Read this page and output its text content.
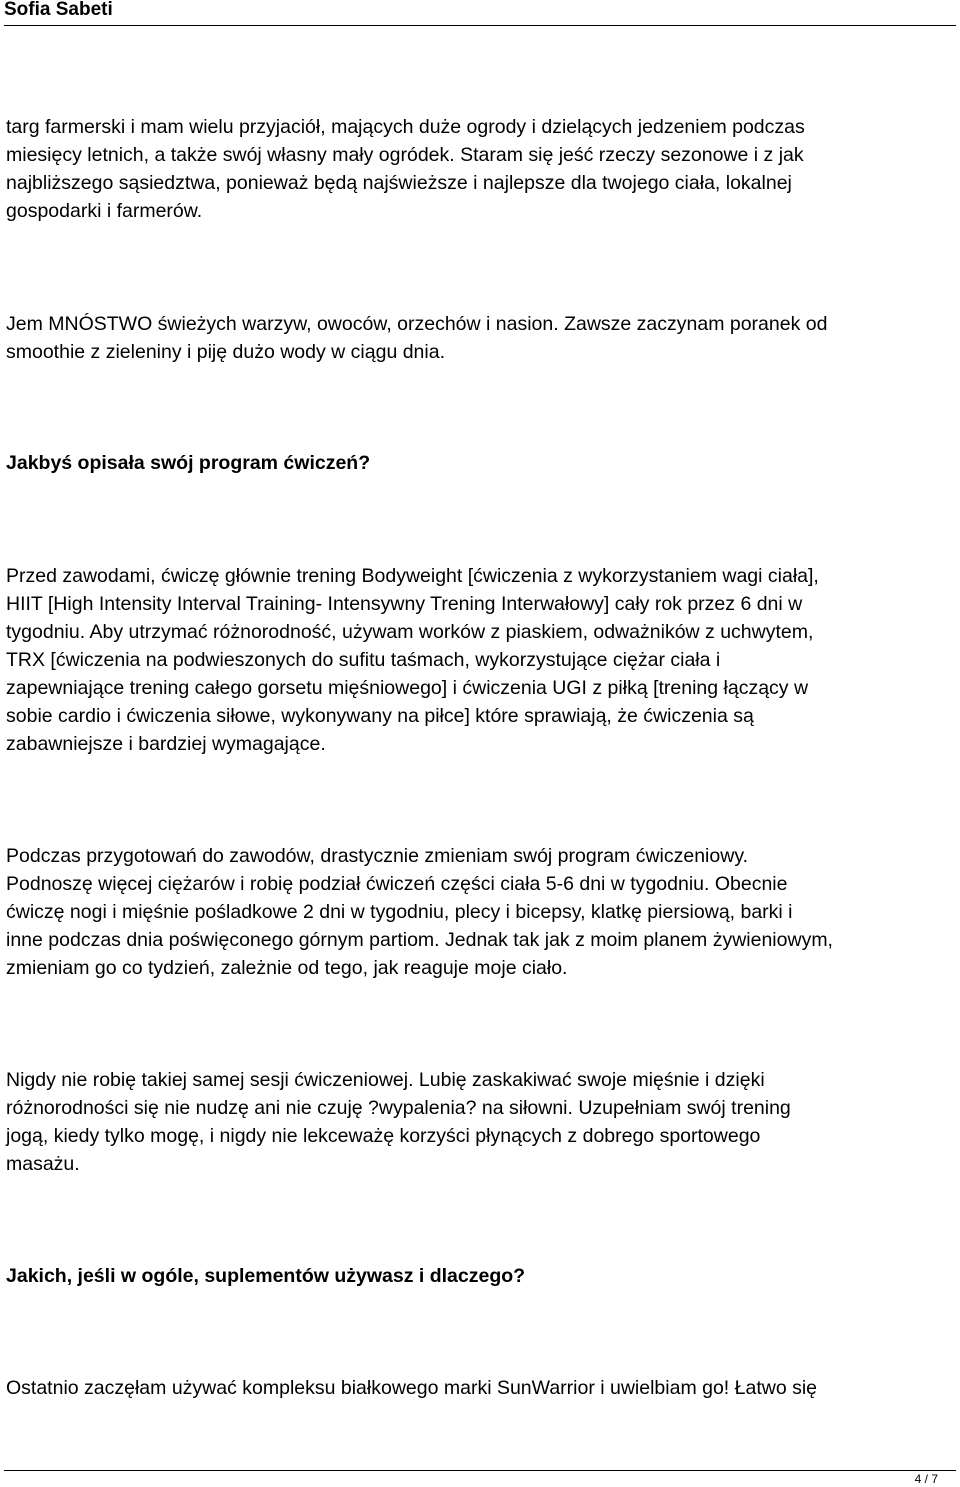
Sofia Sabeti

targ farmerski i mam wielu przyjaciół, mających duże ogrody i dzielących jedzeniem podczas
miesięcy letnich, a także swój własny mały ogródek. Staram się jeść rzeczy sezonowe i z jak
najbliższego sąsiedztwa, ponieważ będą najświeższe i najlepsze dla twojego ciała, lokalnej
gospodarki i farmerów.

Jem MNÓSTWO świeżych warzyw, owoców, orzechów i nasion. Zawsze zaczynam poranek od
smoothie z zieleniny i piję dużo wody w ciągu dnia.

Jakbyś opisała swój program ćwiczeń?

Przed zawodami, ćwiczę głównie trening Bodyweight [ćwiczenia z wykorzystaniem wagi ciała],
HIIT [High Intensity Interval Training- Intensywny Trening Interwałowy] cały rok przez 6 dni w
tygodniu. Aby utrzymać różnorodność, używam worków z piaskiem, odważników z uchwytem,
TRX [ćwiczenia na podwieszonych do sufitu taśmach, wykorzystujące ciężar ciała i
zapewniające trening całego gorsetu mięśniowego] i ćwiczenia UGI z piłką [trening łączący w
sobie cardio i ćwiczenia siłowe, wykonywany na piłce] które sprawiają, że ćwiczenia są
zabawniejsze i bardziej wymagające.

Podczas przygotowań do zawodów, drastycznie zmieniam swój program ćwiczeniowy.
Podnoszę więcej ciężarów i robię podział ćwiczeń części ciała 5-6 dni w tygodniu. Obecnie
ćwiczę nogi i mięśnie pośladkowe 2 dni w tygodniu, plecy i bicepsy, klatkę piersiową, barki i
inne podczas dnia poświęconego górnym partiom. Jednak tak jak z moim planem żywieniowym,
zmieniam go co tydzień, zależnie od tego, jak reaguje moje ciało.

Nigdy nie robię takiej samej sesji ćwiczeniowej. Lubię zaskakiwać swoje mięśnie i dzięki
różnorodności się nie nudzę ani nie czuję ?wypalenia? na siłowni. Uzupełniam swój trening
jogą, kiedy tylko mogę, i nigdy nie lekceważę korzyści płynących z dobrego sportowego
masażu.

Jakich, jeśli w ogóle, suplementów używasz i dlaczego?

Ostatnio zaczęłam używać kompleksu białkowego marki SunWarrior i uwielbiam go! Łatwo się

4 / 7
